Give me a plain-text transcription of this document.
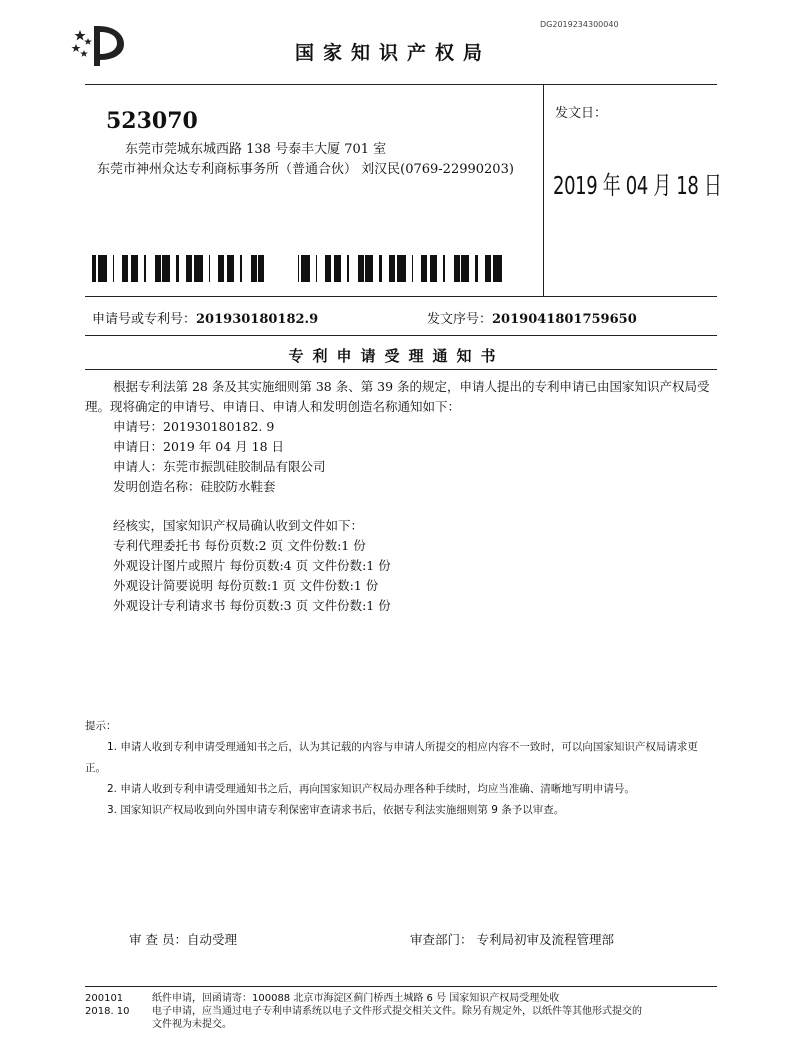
DG2019234300040
国家知识产权局
523070
东莞市莞城东城西路 138 号泰丰大厦 701 室
东莞市神州众达专利商标事务所（普通合伙） 刘汉民(0769-22990203)
发文日：
2019 年 04 月 18 日
申请号或专利号：201930180182.9	发文序号：2019041801759650
专利申请受理通知书

根据专利法第 28 条及其实施细则第 38 条、第 39 条的规定，申请人提出的专利申请已由国家知识产权局受理。现将确定的申请号、申请日、申请人和发明创造名称通知如下：

申请号：201930180182. 9

申请日：2019 年 04 月 18 日

申请人：东莞市振凯硅胶制品有限公司

发明创造名称：硅胶防水鞋套

经核实，国家知识产权局确认收到文件如下：

专利代理委托书 每份页数:2 页 文件份数:1 份

外观设计图片或照片 每份页数:4 页 文件份数:1 份

外观设计简要说明 每份页数:1 页 文件份数:1 份

外观设计专利请求书 每份页数:3 页 文件份数:1 份

提示：

1. 申请人收到专利申请受理通知书之后，认为其记载的内容与申请人所提交的相应内容不一致时，可以向国家知识产权局请求更正。

2. 申请人收到专利申请受理通知书之后，再向国家知识产权局办理各种手续时，均应当准确、清晰地写明申请号。

3. 国家知识产权局收到向外国申请专利保密审查请求书后，依据专利法实施细则第 9 条予以审查。

审 查 员：自动受理	审查部门： 专利局初审及流程管理部
200101	纸件申请，回函请寄：100088 北京市海淀区蓟门桥西土城路 6 号 国家知识产权局受理处收
2018. 10 电子申请，应当通过电子专利申请系统以电子文件形式提交相关文件。除另有规定外，以纸件等其他形式提交的
文件视为未提交。
